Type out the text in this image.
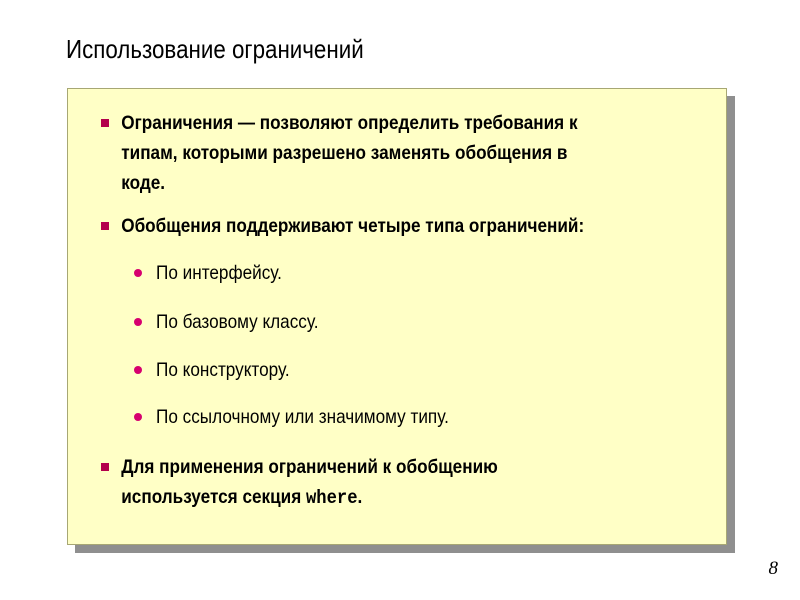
Использование ограничений
Ограничения — позволяют определить требования к
типам, которыми разрешено заменять обобщения в
коде.
Обобщения поддерживают четыре типа ограничений:
По интерфейсу.
По базовому классу.
По конструктору.
По ссылочному или значимому типу.
Для применения ограничений к обобщению
используется секция where.
8
